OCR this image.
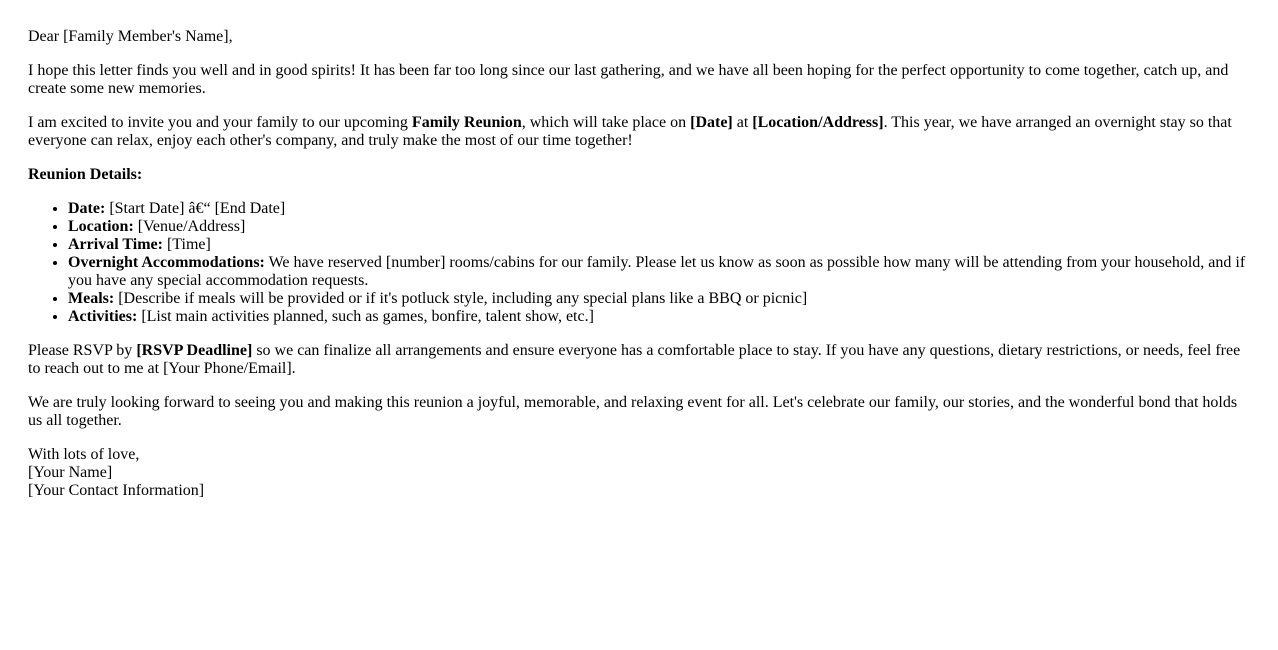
Dear [Family Member's Name],

I hope this letter finds you well and in good spirits! It has been far too long since our last gathering, and we have all been hoping for the perfect opportunity to come together, catch up, and create some new memories.

I am excited to invite you and your family to our upcoming Family Reunion, which will take place on [Date] at [Location/Address]. This year, we have arranged an overnight stay so that everyone can relax, enjoy each other's company, and truly make the most of our time together!

Reunion Details:

• Date: [Start Date] â€“ [End Date]
• Location: [Venue/Address]
• Arrival Time: [Time]
• Overnight Accommodations: We have reserved [number] rooms/cabins for our family. Please let us know as soon as possible how many will be attending from your household, and if you have any special accommodation requests.
• Meals: [Describe if meals will be provided or if it's potluck style, including any special plans like a BBQ or picnic]
• Activities: [List main activities planned, such as games, bonfire, talent show, etc.]

Please RSVP by [RSVP Deadline] so we can finalize all arrangements and ensure everyone has a comfortable place to stay. If you have any questions, dietary restrictions, or needs, feel free to reach out to me at [Your Phone/Email].

We are truly looking forward to seeing you and making this reunion a joyful, memorable, and relaxing event for all. Let's celebrate our family, our stories, and the wonderful bond that holds us all together.

With lots of love,
[Your Name]
[Your Contact Information]
